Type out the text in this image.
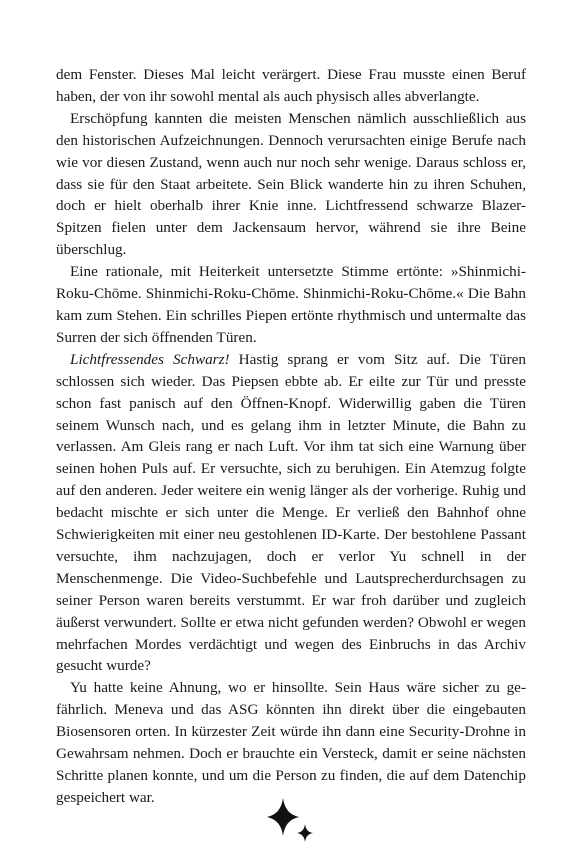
dem Fenster. Dieses Mal leicht verärgert. Diese Frau musste einen Beruf haben, der von ihr sowohl mental als auch physisch alles abverlangte.

Erschöpfung kannten die meisten Menschen nämlich ausschließlich aus den historischen Aufzeichnungen. Dennoch verursachten einige Berufe nach wie vor diesen Zustand, wenn auch nur noch sehr wenige. Daraus schloss er, dass sie für den Staat arbeitete. Sein Blick wanderte hin zu ihren Schuhen, doch er hielt oberhalb ihrer Knie inne. Lichtfressend schwarze Blazer-Spitzen fielen unter dem Jackensaum hervor, während sie ihre Beine überschlug.

Eine rationale, mit Heiterkeit untersetzte Stimme ertönte: »Shinmichi-Roku-Chōme. Shinmichi-Roku-Chōme. Shinmichi-Roku-Chōme.« Die Bahn kam zum Stehen. Ein schrilles Piepen ertönte rhythmisch und untermalte das Surren der sich öffnenden Türen.

Lichtfressendes Schwarz! Hastig sprang er vom Sitz auf. Die Türen schlossen sich wieder. Das Piepsen ebbte ab. Er eilte zur Tür und presste schon fast panisch auf den Öffnen-Knopf. Widerwillig gaben die Türen seinem Wunsch nach, und es gelang ihm in letzter Minute, die Bahn zu verlassen. Am Gleis rang er nach Luft. Vor ihm tat sich eine Warnung über seinen hohen Puls auf. Er versuchte, sich zu beruhigen. Ein Atemzug folgte auf den anderen. Jeder weitere ein wenig länger als der vorherige. Ruhig und bedacht mischte er sich unter die Menge. Er verließ den Bahnhof ohne Schwierigkeiten mit einer neu gestohlenen ID-Karte. Der bestohlene Passant versuchte, ihm nachzujagen, doch er verlor Yu schnell in der Menschenmenge. Die Video-Suchbefehle und Lautsprecherdurchsagen zu seiner Person waren bereits verstummt. Er war froh darüber und zugleich äußerst verwundert. Sollte er etwa nicht gefunden werden? Obwohl er wegen mehrfachen Mordes verdächtigt und wegen des Einbruchs in das Archiv gesucht wurde?

Yu hatte keine Ahnung, wo er hinsollte. Sein Haus wäre sicher zu gefährlich. Meneva und das ASG könnten ihn direkt über die eingebauten Biosensoren orten. In kürzester Zeit würde ihn dann eine Security-Drohne in Gewahrsam nehmen. Doch er brauchte ein Versteck, damit er seine nächsten Schritte planen konnte, und um die Person zu finden, die auf dem Datenchip gespeichert war.
